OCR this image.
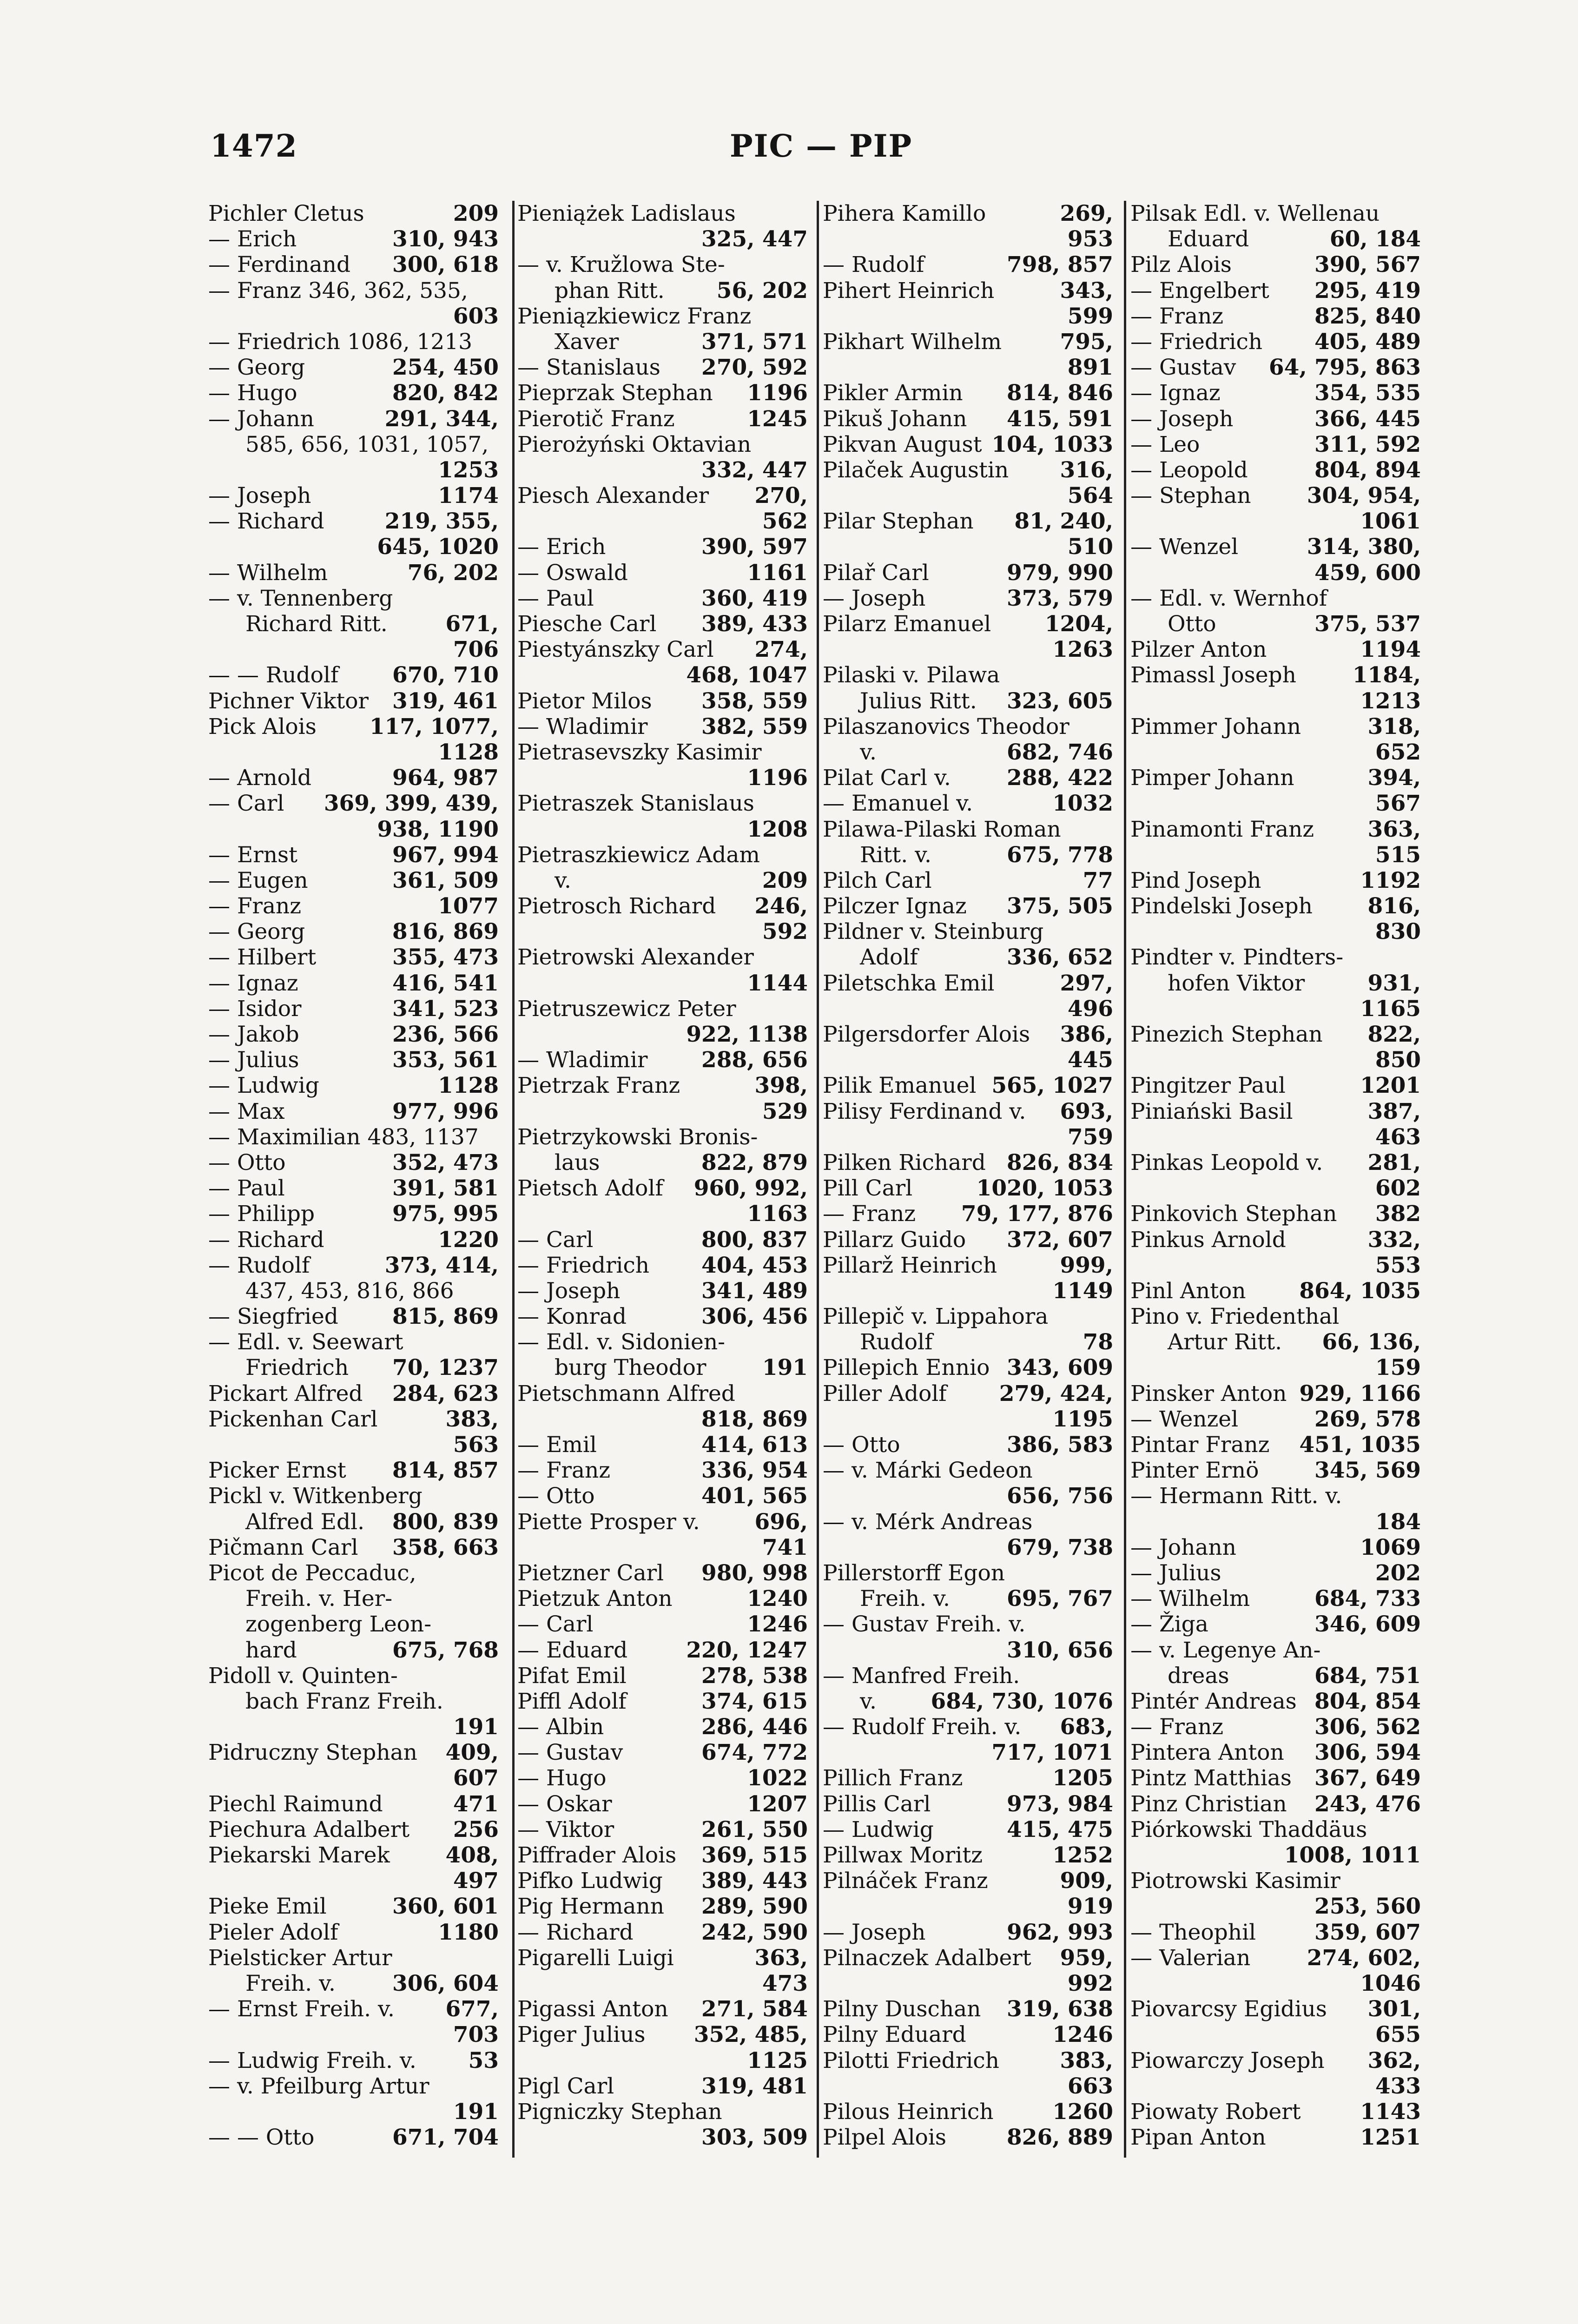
1472	PIC — PIP
Pichler Cletus	209
— Erich	310, 943
— Ferdinand 300, 618
— Franz 346, 362, 535,
603
— Friedrich 1086, 1213
— Georg	254, 450
— Hugo	820, 842
— Johann	291, 344,
585, 656, 1031, 1057,
1253
— Joseph	1174
— Richard	219, 355,
645, 1020
— Wilhelm	76, 202
— v. Tennenberg
Richard Ritt.	671,
706
— — Rudolf 670, 710
Pichner Viktor 319, 461
Pick Alois 117, 1077,
1128
— Arnold	964, 987
— Carl 369, 399, 439,
938, 1190
— Ernst	967, 994
— Eugen	361, 509
— Franz	1077
— Georg	816, 869
— Hilbert	355, 473
— Ignaz	416, 541
— Isidor	341, 523
— Jakob	236, 566
— Julius	353, 561
— Ludwig	1128
— Max	977, 996
— Maximilian 483, 1137
— Otto	352, 473
— Paul	391, 581
— Philipp	975, 995
— Richard	1220
— Rudolf	373, 414,
437, 453, 816, 866
— Siegfried 815, 869
— Edl. v. Seewart
Friedrich 70, 1237
Pickart Alfred 284, 623
Pickenhan Carl	383,
563
Picker Ernst 814, 857
Pickl v. Witkenberg
Alfred Edl. 800, 839
Pičmann Carl 358, 663
Picot de Peccaduc,
Freih. v. Her-
zogenberg Leon-
hard	675, 768
Pidoll v. Quinten-
bach Franz Freih.
191
Pidruczny Stephan 409,
607
Piechl Raimund	471
Piechura Adalbert 256
Piekarski Marek	408,
497
Pieke Emil	360, 601
Pieler Adolf	1180
Pielsticker Artur
Freih. v.	306, 604
— Ernst Freih. v. 677,
703
— Ludwig Freih. v. 53
— v. Pfeilburg Artur
191
— — Otto	671, 704
Pieniążek Ladislaus
325, 447
— v. Kružlowa Ste-
phan Ritt. 56, 202
Pieniązkiewicz Franz
Xaver	371, 571
— Stanislaus 270, 592
Pieprzak Stephan 1196
Pierotič Franz	1245
Pierożyński Oktavian
332, 447
Piesch Alexander 270,
562
— Erich	390, 597
— Oswald	1161
— Paul	360, 419
Piesche Carl 389, 433
Piestyánszky Carl 274,
468, 1047
Pietor Milos 358, 559
— Wladimir 382, 559
Pietrasevszky Kasimir
1196
Pietraszek Stanislaus
1208
Pietraszkiewicz Adam
v.	209
Pietrosch Richard 246,
592
Pietrowski Alexander
1144
Pietruszewicz Peter
922, 1138
— Wladimir 288, 656
Pietrzak Franz	398,
529
Pietrzykowski Bronis-
laus	822, 879
Pietsch Adolf 960, 992,
1163
— Carl	800, 837
— Friedrich 404, 453
— Joseph	341, 489
— Konrad	306, 456
— Edl. v. Sidonien-
burg Theodor	191
Pietschmann Alfred
818, 869
— Emil	414, 613
— Franz	336, 954
— Otto	401, 565
Piette Prosper v.	696,
741
Pietzner Carl 980, 998
Pietzuk Anton	1240
— Carl	1246
— Eduard	220, 1247
Pifat Emil	278, 538
Piffl Adolf	374, 615
— Albin	286, 446
— Gustav	674, 772
— Hugo	1022
— Oskar	1207
— Viktor	261, 550
Piffrader Alois 369, 515
Pifko Ludwig 389, 443
Pig Hermann 289, 590
— Richard	242, 590
Pigarelli Luigi	363,
473
Pigassi Anton 271, 584
Piger Julius 352, 485,
1125
Pigl Carl	319, 481
Pigniczky Stephan
303, 509
Pihera Kamillo	269,
953
— Rudolf	798, 857
Pihert Heinrich	343,
599
Pikhart Wilhelm	795,
891
Pikler Armin 814, 846
Pikuš Johann 415, 591
Pikvan August 104, 1033
Pilaček Augustin 316,
564
Pilar Stephan 81, 240,
510
Pilař Carl	979, 990
— Joseph	373, 579
Pilarz Emanuel 1204,
1263
Pilaski v. Pilawa
Julius Ritt. 323, 605
Pilaszanovics Theodor
v.	682, 746
Pilat Carl v.	288, 422
— Emanuel v.	1032
Pilawa-Pilaski Roman
Ritt. v.	675, 778
Pilch Carl	77
Pilczer Ignaz 375, 505
Pildner v. Steinburg
Adolf	336, 652
Piletschka Emil	297,
496
Pilgersdorfer Alois 386,
445
Pilik Emanuel 565, 1027
Pilisy Ferdinand v. 693,
759
Pilken Richard 826, 834
Pill Carl	1020, 1053
— Franz 79, 177, 876
Pillarz Guido 372, 607
Pillarž Heinrich	999,
1149
Pillepič v. Lippahora
Rudolf	78
Pillepich Ennio 343, 609
Piller Adolf 279, 424,
1195
— Otto	386, 583
— v. Márki Gedeon
656, 756
— v. Mérk Andreas
679, 738
Pillerstorff Egon
Freih. v.	695, 767
— Gustav Freih. v.
310, 656
— Manfred Freih.
v. 684, 730, 1076
— Rudolf Freih. v. 683,
717, 1071
Pillich Franz	1205
Pillis Carl	973, 984
— Ludwig	415, 475
Pillwax Moritz	1252
Pilnáček Franz	909,
919
— Joseph	962, 993
Pilnaczek Adalbert 959,
992
Pilny Duschan 319, 638
Pilny Eduard	1246
Pilotti Friedrich	383,
663
Pilous Heinrich	1260
Pilpel Alois	826, 889
Pilsak Edl. v. Wellenau
Eduard	60, 184
Pilz Alois	390, 567
— Engelbert 295, 419
— Franz	825, 840
— Friedrich 405, 489
— Gustav 64, 795, 863
— Ignaz	354, 535
— Joseph	366, 445
— Leo	311, 592
— Leopold	804, 894
— Stephan	304, 954,
1061
— Wenzel	314, 380,
459, 600
— Edl. v. Wernhof
Otto	375, 537
Pilzer Anton	1194
Pimassl Joseph	1184,
1213
Pimmer Johann	318,
652
Pimper Johann	394,
567
Pinamonti Franz 363,
515
Pind Joseph	1192
Pindelski Joseph	816,
830
Pindter v. Pindters-
hofen Viktor	931,
1165
Pinezich Stephan 822,
850
Pingitzer Paul	1201
Piniański Basil	387,
463
Pinkas Leopold v. 281,
602
Pinkovich Stephan 382
Pinkus Arnold	332,
553
Pinl Anton 864, 1035
Pino v. Friedenthal
Artur Ritt. 66, 136,
159
Pinsker Anton 929, 1166
— Wenzel	269, 578
Pintar Franz 451, 1035
Pinter Ernö	345, 569
— Hermann Ritt. v.
184
— Johann	1069
— Julius	202
— Wilhelm	684, 733
— Žiga	346, 609
— v. Legenye An-
dreas	684, 751
Pintér Andreas 804, 854
— Franz	306, 562
Pintera Anton 306, 594
Pintz Matthias 367, 649
Pinz Christian 243, 476
Piórkowski Thaddäus
1008, 1011
Piotrowski Kasimir
253, 560
— Theophil	359, 607
— Valerian	274, 602,
1046
Piovarcsy Egidius 301,
655
Piowarczy Joseph 362,
433
Piowaty Robert	1143
Pipan Anton	1251
